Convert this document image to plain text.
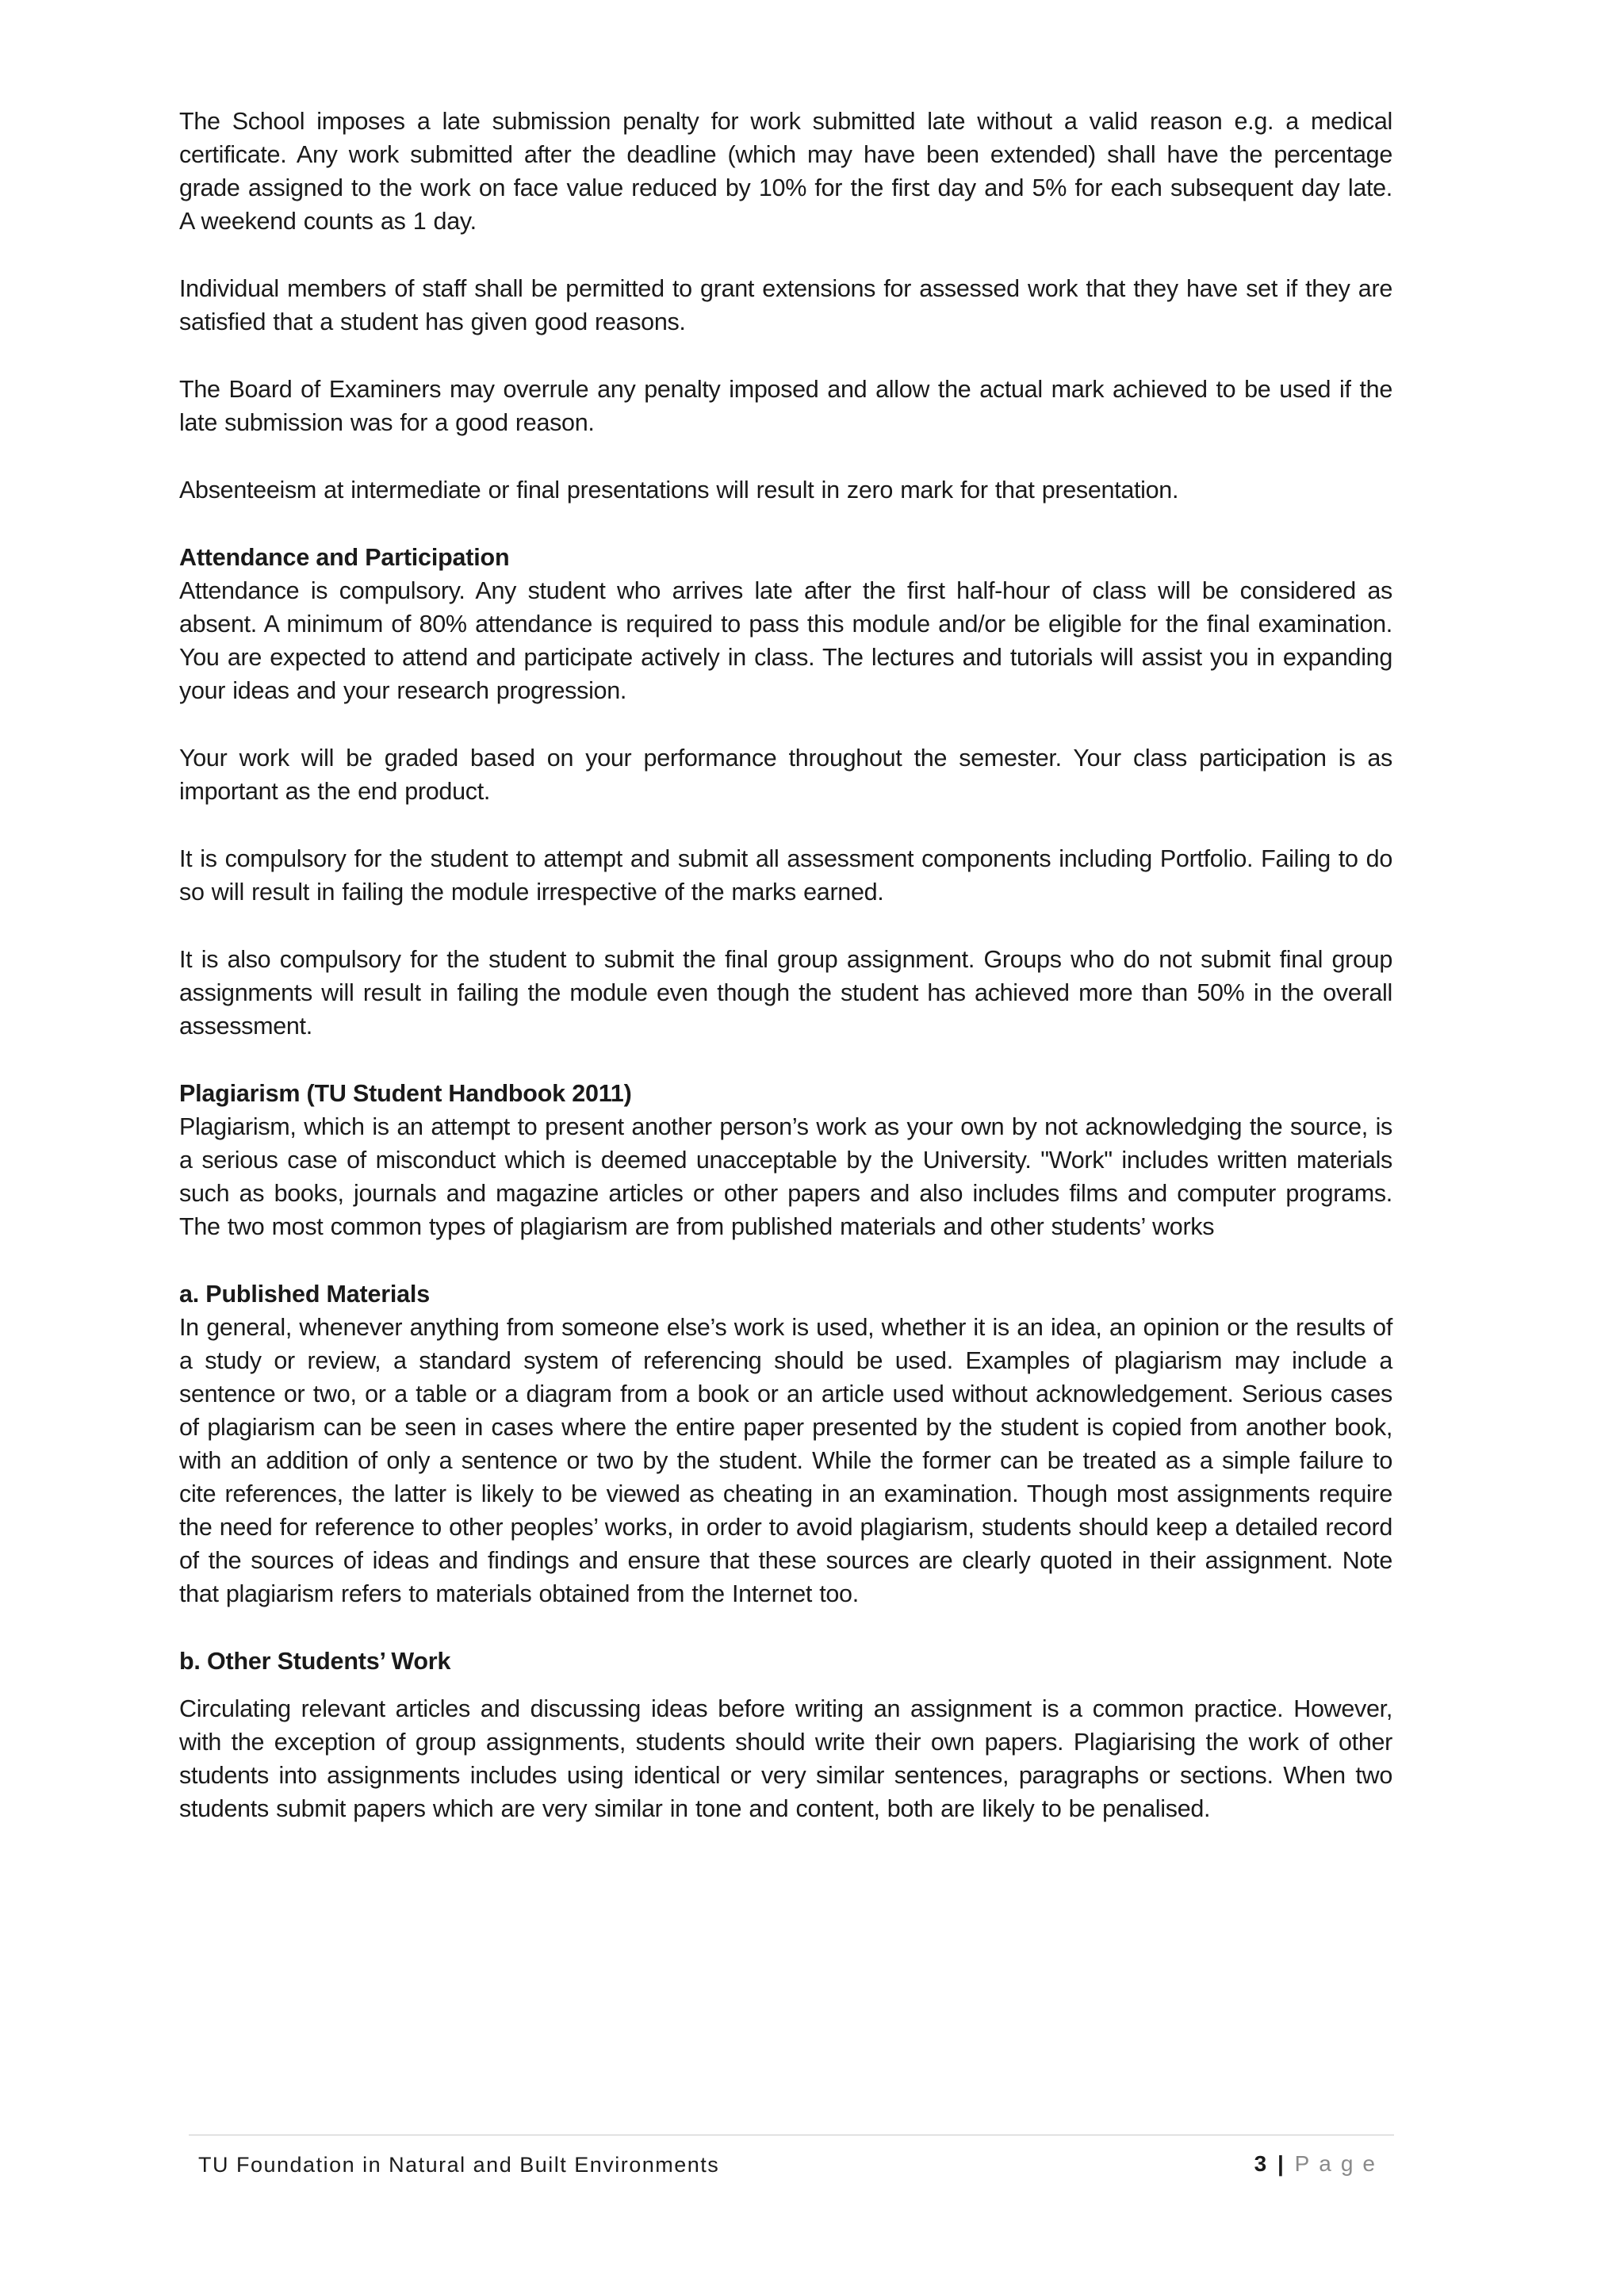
The School imposes a late submission penalty for work submitted late without a valid reason e.g. a medical certificate. Any work submitted after the deadline (which may have been extended) shall have the percentage grade assigned to the work on face value reduced by 10% for the first day and 5% for each subsequent day late. A weekend counts as 1 day.

Individual members of staff shall be permitted to grant extensions for assessed work that they have set if they are satisfied that a student has given good reasons.

The Board of Examiners may overrule any penalty imposed and allow the actual mark achieved to be used if the late submission was for a good reason.

Absenteeism at intermediate or final presentations will result in zero mark for that presentation.

Attendance and Participation

Attendance is compulsory. Any student who arrives late after the first half-hour of class will be considered as absent. A minimum of 80% attendance is required to pass this module and/or be eligible for the final examination. You are expected to attend and participate actively in class. The lectures and tutorials will assist you in expanding your ideas and your research progression.

Your work will be graded based on your performance throughout the semester. Your class participation is as important as the end product.

It is compulsory for the student to attempt and submit all assessment components including Portfolio. Failing to do so will result in failing the module irrespective of the marks earned.

It is also compulsory for the student to submit the final group assignment. Groups who do not submit final group assignments will result in failing the module even though the student has achieved more than 50% in the overall assessment.

Plagiarism (TU Student Handbook 2011)

Plagiarism, which is an attempt to present another person’s work as your own by not acknowledging the source, is a serious case of misconduct which is deemed unacceptable by the University. "Work" includes written materials such as books, journals and magazine articles or other papers and also includes films and computer programs. The two most common types of plagiarism are from published materials and other students’ works

a. Published Materials

In general, whenever anything from someone else’s work is used, whether it is an idea, an opinion or the results of a study or review, a standard system of referencing should be used. Examples of plagiarism may include a sentence or two, or a table or a diagram from a book or an article used without acknowledgement. Serious cases of plagiarism can be seen in cases where the entire paper presented by the student is copied from another book, with an addition of only a sentence or two by the student. While the former can be treated as a simple failure to cite references, the latter is likely to be viewed as cheating in an examination. Though most assignments require the need for reference to other peoples’ works, in order to avoid plagiarism, students should keep a detailed record of the sources of ideas and findings and ensure that these sources are clearly quoted in their assignment. Note that plagiarism refers to materials obtained from the Internet too.

b. Other Students’ Work

Circulating relevant articles and discussing ideas before writing an assignment is a common practice. However, with the exception of group assignments, students should write their own papers. Plagiarising the work of other students into assignments includes using identical or very similar sentences, paragraphs or sections. When two students submit papers which are very similar in tone and content, both are likely to be penalised.

TU Foundation in Natural and Built Environments	3 | Page
